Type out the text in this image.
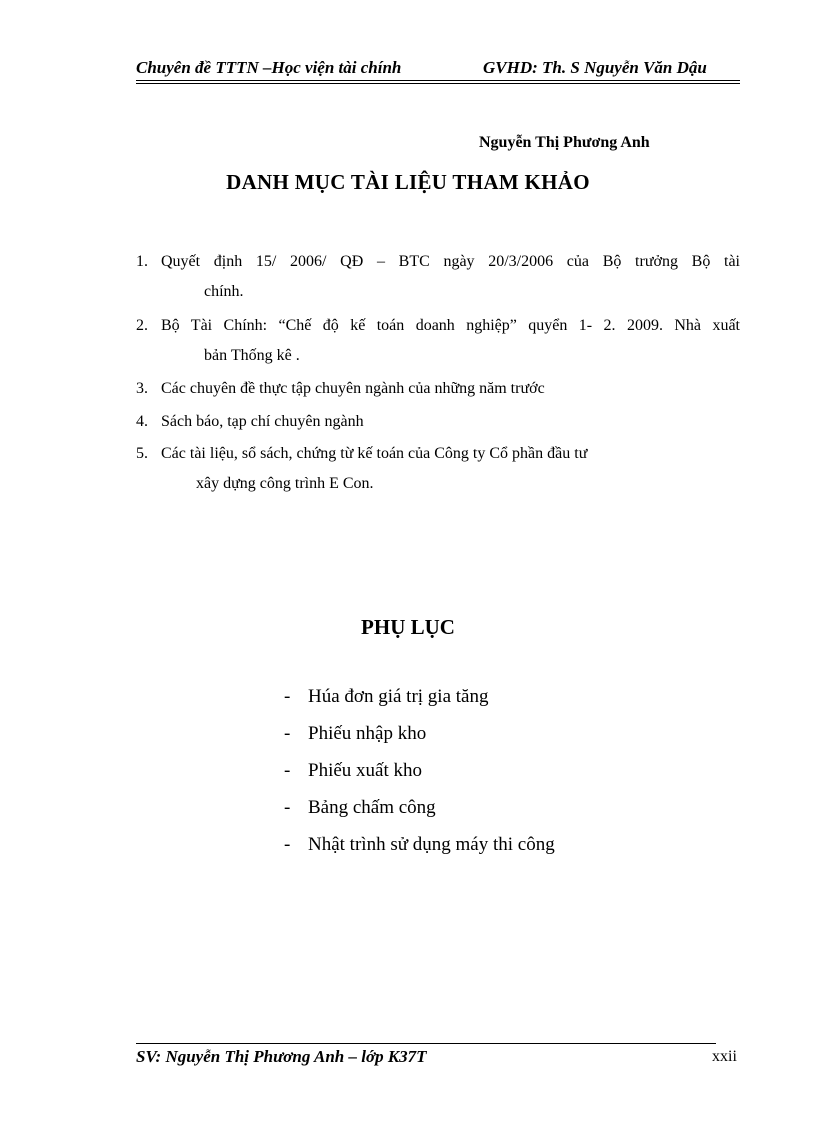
Chuyên đề TTTN –Học viện tài chính	GVHD: Th. S Nguyễn Văn Dậu
Nguyễn Thị Phương Anh
DANH MỤC TÀI LIỆU THAM KHẢO
1. Quyết định 15/ 2006/ QĐ – BTC ngày 20/3/2006 của Bộ trưởng Bộ tài
chính.
2. Bộ Tài Chính: “Chế độ kế toán doanh nghiệp” quyển 1- 2. 2009. Nhà xuất
bản Thống kê .
3. Các chuyên đề thực tập chuyên ngành của những năm trước
4. Sách báo, tạp chí chuyên ngành
5. Các tài liệu, sổ sách, chứng từ kế toán của Công ty Cổ phần đầu tư
xây dựng công trình E Con.
PHỤ LỤC
- Húa đơn giá trị gia tăng
- Phiếu nhập kho
- Phiếu xuất kho
- Bảng chấm công
- Nhật trình sử dụng máy thi công
SV: Nguyễn Thị Phương Anh – lớp K37T	xxii
